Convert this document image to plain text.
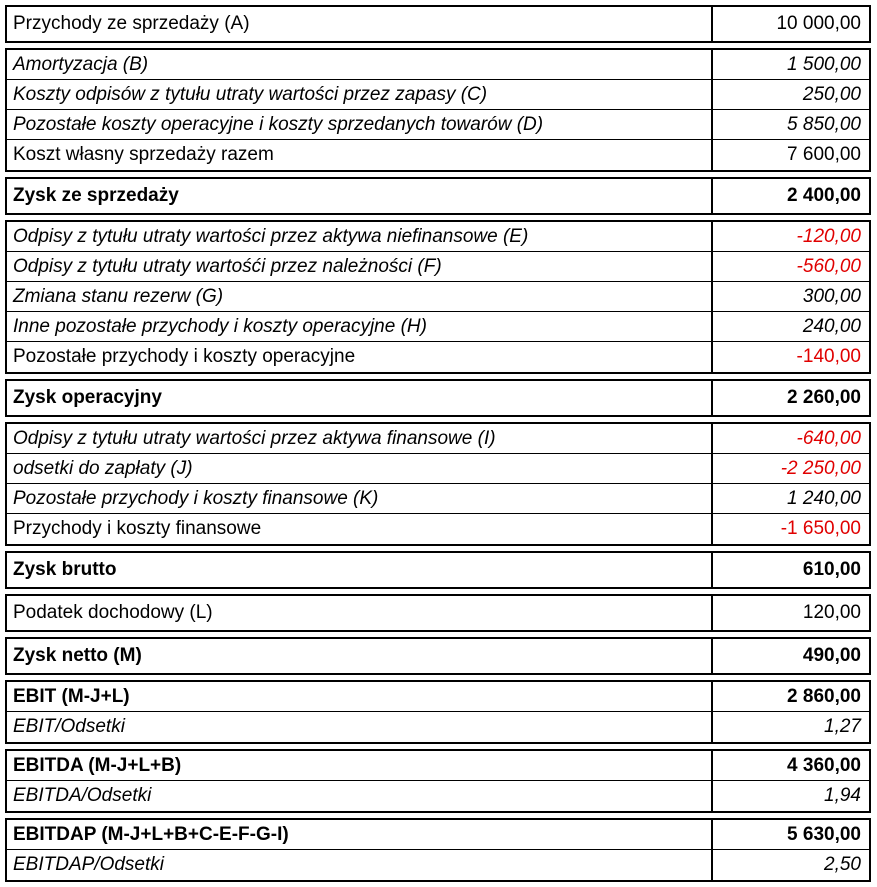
Przychody ze sprzedaży (A)	10 000,00
Amortyzacja (B)	1 500,00
Koszty odpisów z tytułu utraty wartości przez zapasy (C)	250,00
Pozostałe koszty operacyjne i koszty sprzedanych towarów (D)	5 850,00
Koszt własny sprzedaży razem	7 600,00
Zysk ze sprzedaży	2 400,00
Odpisy z tytułu utraty wartości przez aktywa niefinansowe (E)	-120,00
Odpisy z tytułu utraty wartośći przez należności (F)	-560,00
Zmiana stanu rezerw (G)	300,00
Inne pozostałe przychody i koszty operacyjne (H)	240,00
Pozostałe przychody i koszty operacyjne	-140,00
Zysk operacyjny	2 260,00
Odpisy z tytułu utraty wartości przez aktywa finansowe (I)	-640,00
odsetki do zapłaty (J)	-2 250,00
Pozostałe przychody i koszty finansowe (K)	1 240,00
Przychody i koszty finansowe	-1 650,00
Zysk brutto	610,00
Podatek dochodowy (L)	120,00
Zysk netto (M)	490,00
EBIT (M-J+L)	2 860,00
EBIT/Odsetki	1,27
EBITDA (M-J+L+B)	4 360,00
EBITDA/Odsetki	1,94
EBITDAP (M-J+L+B+C-E-F-G-I)	5 630,00
EBITDAP/Odsetki	2,50
